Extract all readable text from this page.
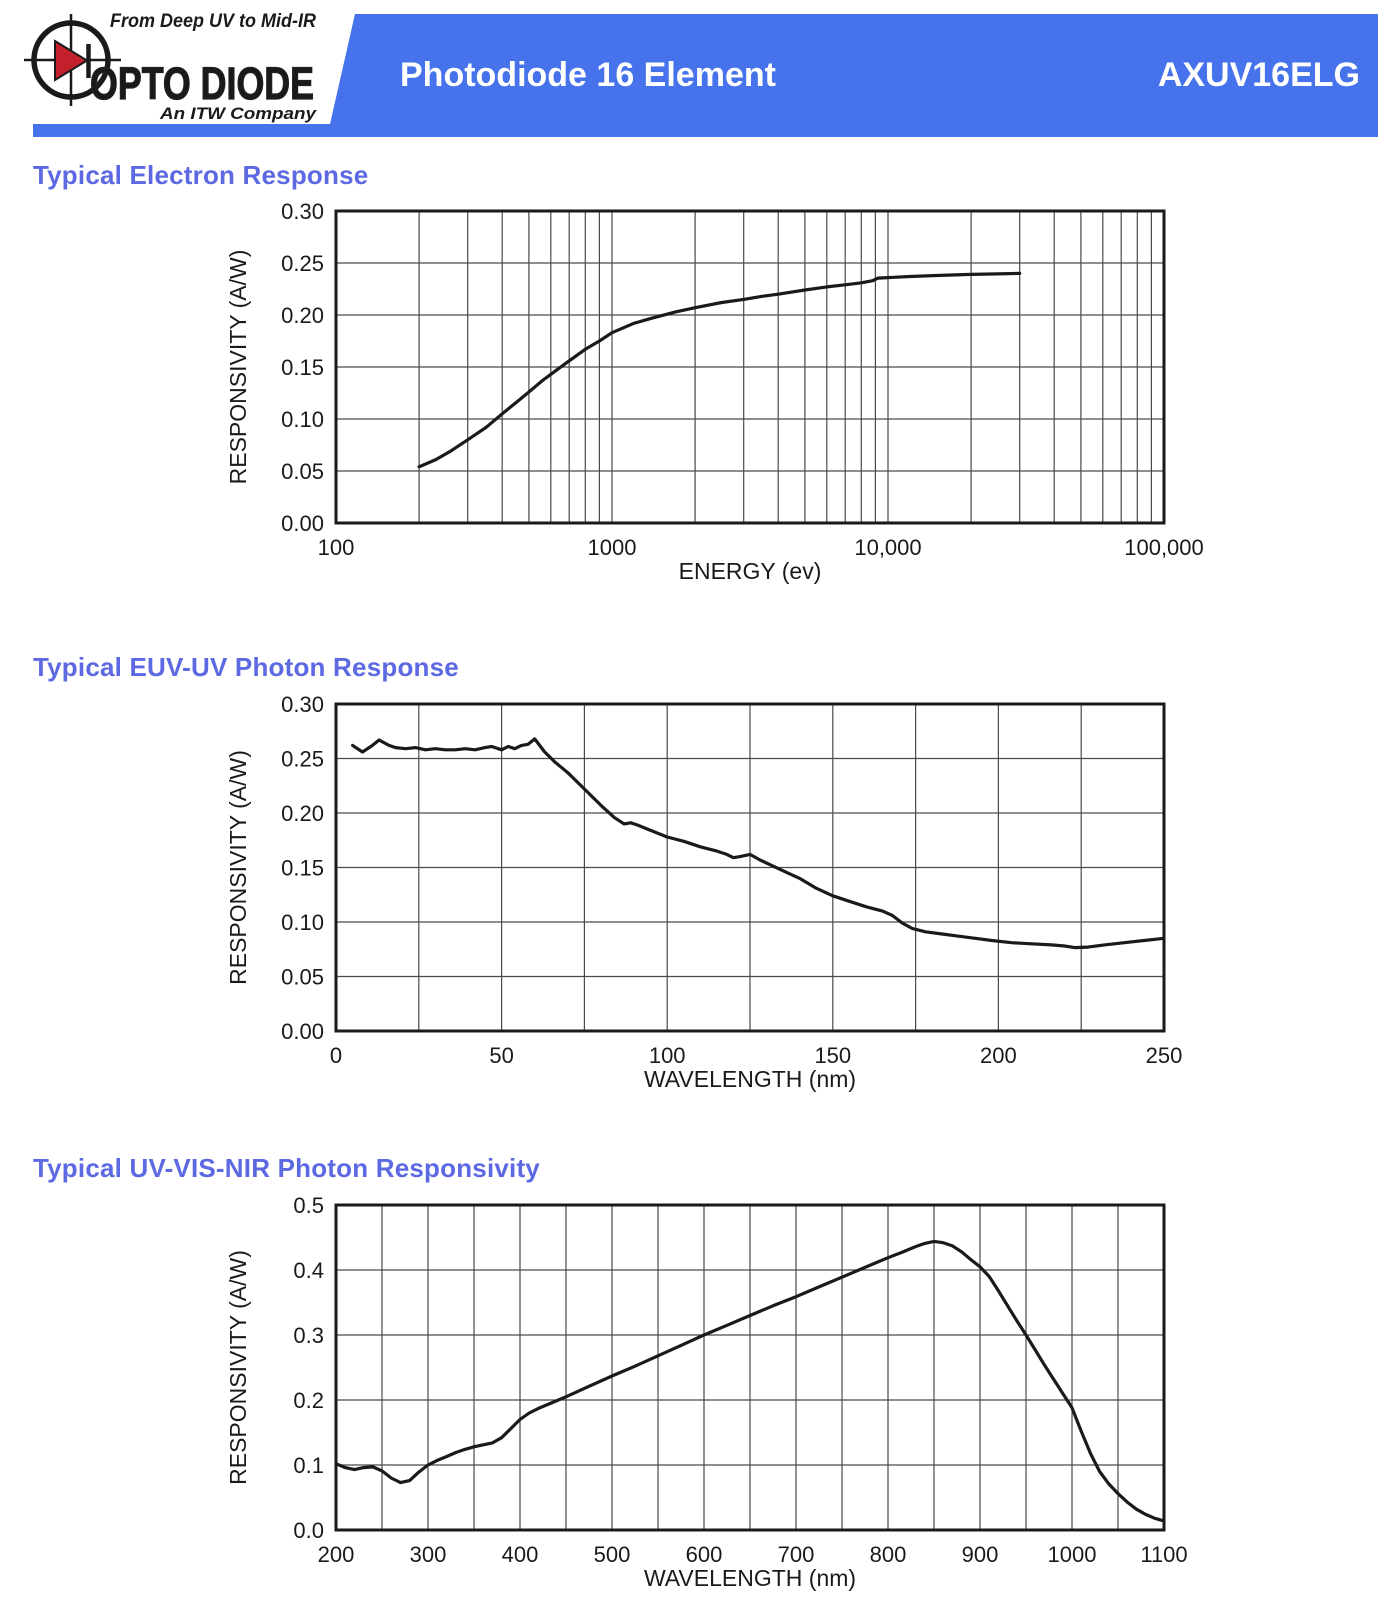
From Deep UV to Mid-IR
OPTO DIODE
An ITW Company
Photodiode 16 Element	AXUV16ELG
Typical Electron Response
Typical EUV-UV Photon Response
Typical UV-VIS-NIR Photon Responsivity
100	1000	10,000	100,000
0.00
0.05
0.10
0.15
0.20
0.25
0.30
ENERGY (ev)
RESPONSIVITY (A/W)
0	50	100	150	200	250
0.00
0.05
0.10
0.15
0.20
0.25
0.30
WAVELENGTH (nm)
RESPONSIVITY (A/W)
200	300	400	500	600	700	800	900 1000 1100
0.0
0.1
0.2
0.3
0.4
0.5
WAVELENGTH (nm)
RESPONSIVITY (A/W)
